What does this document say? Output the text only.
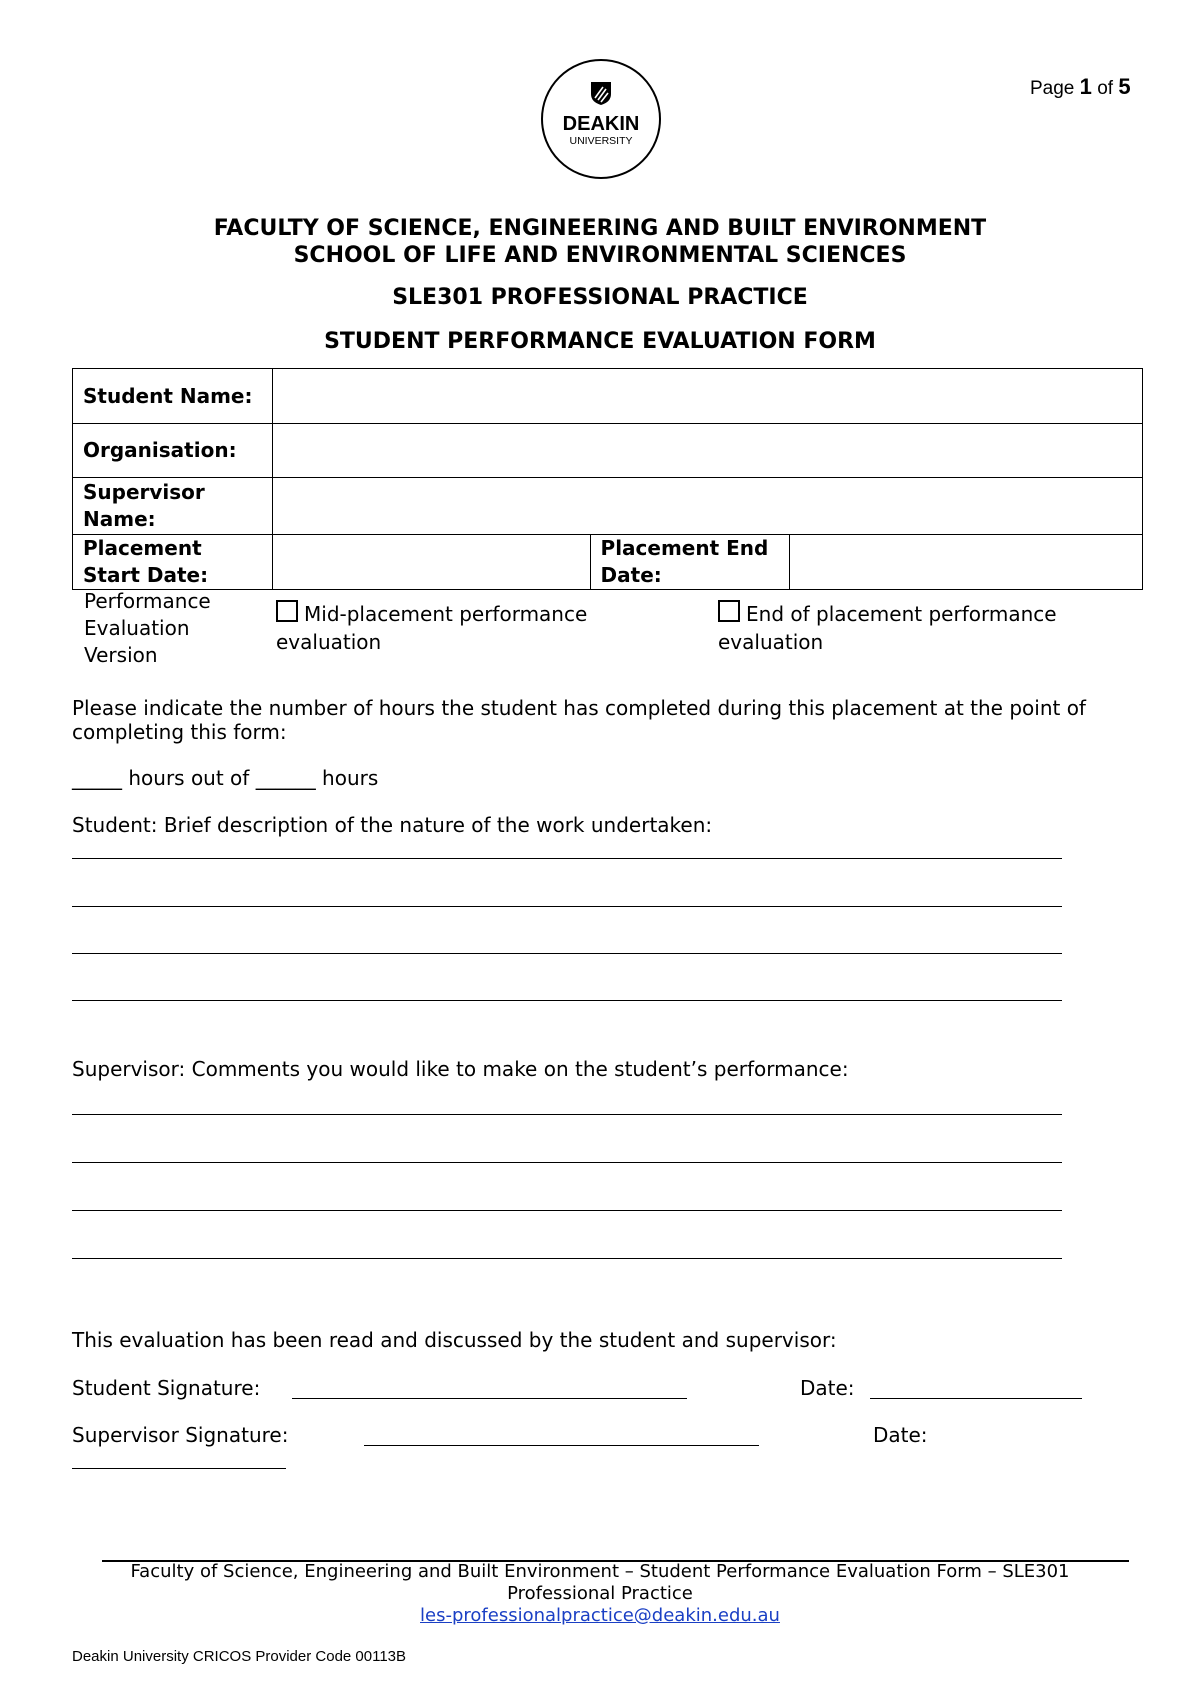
Page 1 of 5
DEAKIN
UNIVERSITY
FACULTY OF SCIENCE, ENGINEERING AND BUILT ENVIRONMENT
SCHOOL OF LIFE AND ENVIRONMENTAL SCIENCES
SLE301 PROFESSIONAL PRACTICE
STUDENT PERFORMANCE EVALUATION FORM
Student Name:			
Organisation:			
Supervisor Name:			
Placement Start Date:		Placement End Date:	
Performance Evaluation Version
Mid-placement performance evaluation
End of placement performance evaluation
Please indicate the number of hours the student has completed during this placement at the point of completing this form:
_____ hours out of ______ hours
Student: Brief description of the nature of the work undertaken:
Supervisor: Comments you would like to make on the student’s performance:
This evaluation has been read and discussed by the student and supervisor:
Student Signature:	Date:
Supervisor Signature:	Date:
Faculty of Science, Engineering and Built Environment – Student Performance Evaluation Form – SLE301
Professional Practice
les-professionalpractice@deakin.edu.au
Deakin University CRICOS Provider Code 00113B
